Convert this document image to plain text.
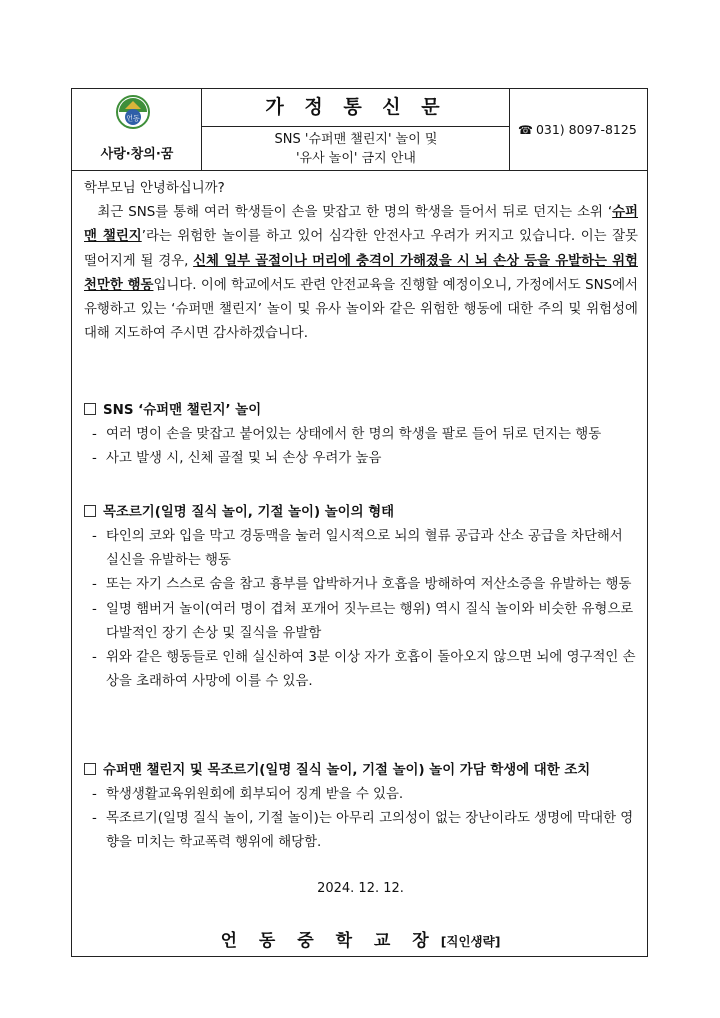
언동
사랑·창의·꿈
가 정 통 신 문
SNS '슈퍼맨 챌린지' 놀이 및
'유사 놀이' 금지 안내
☎ 031) 8097-8125

학부모님 안녕하십니까?

최근 SNS를 통해 여러 학생들이 손을 맞잡고 한 명의 학생을 들어서 뒤로 던지는 소위 ‘슈퍼맨 챌린지’라는 위험한 놀이를 하고 있어 심각한 안전사고 우려가 커지고 있습니다. 이는 잘못 떨어지게 될 경우, 신체 일부 골절이나 머리에 충격이 가해졌을 시 뇌 손상 등을 유발하는 위험천만한 행동입니다. 이에 학교에서도 관련 안전교육을 진행할 예정이오니, 가정에서도 SNS에서 유행하고 있는 ‘슈퍼맨 챌린지’ 놀이 및 유사 놀이와 같은 위험한 행동에 대한 주의 및 위험성에 대해 지도하여 주시면 감사하겠습니다.

SNS ‘슈퍼맨 챌린지’ 놀이
- 여러 명이 손을 맞잡고 붙어있는 상태에서 한 명의 학생을 팔로 들어 뒤로 던지는 행동
- 사고 발생 시, 신체 골절 및 뇌 손상 우려가 높음
목조르기(일명 질식 놀이, 기절 놀이) 놀이의 형태
- 타인의 코와 입을 막고 경동맥을 눌러 일시적으로 뇌의 혈류 공급과 산소 공급을 차단해서 실신을 유발하는 행동
- 또는 자기 스스로 숨을 참고 흉부를 압박하거나 호흡을 방해하여 저산소증을 유발하는 행동
- 일명 햄버거 놀이(여러 명이 겹쳐 포개어 짓누르는 행위) 역시 질식 놀이와 비슷한 유형으로 다발적인 장기 손상 및 질식을 유발함
- 위와 같은 행동들로 인해 실신하여 3분 이상 자가 호흡이 돌아오지 않으면 뇌에 영구적인 손상을 초래하여 사망에 이를 수 있음.
슈퍼맨 챌린지 및 목조르기(일명 질식 놀이, 기절 놀이) 놀이 가담 학생에 대한 조치
- 학생생활교육위원회에 회부되어 징계 받을 수 있음.
- 목조르기(일명 질식 놀이, 기절 놀이)는 아무리 고의성이 없는 장난이라도 생명에 막대한 영향을 미치는 학교폭력 행위에 해당함.
2024. 12. 12.
언 동 중 학 교 장 [직인생략]
